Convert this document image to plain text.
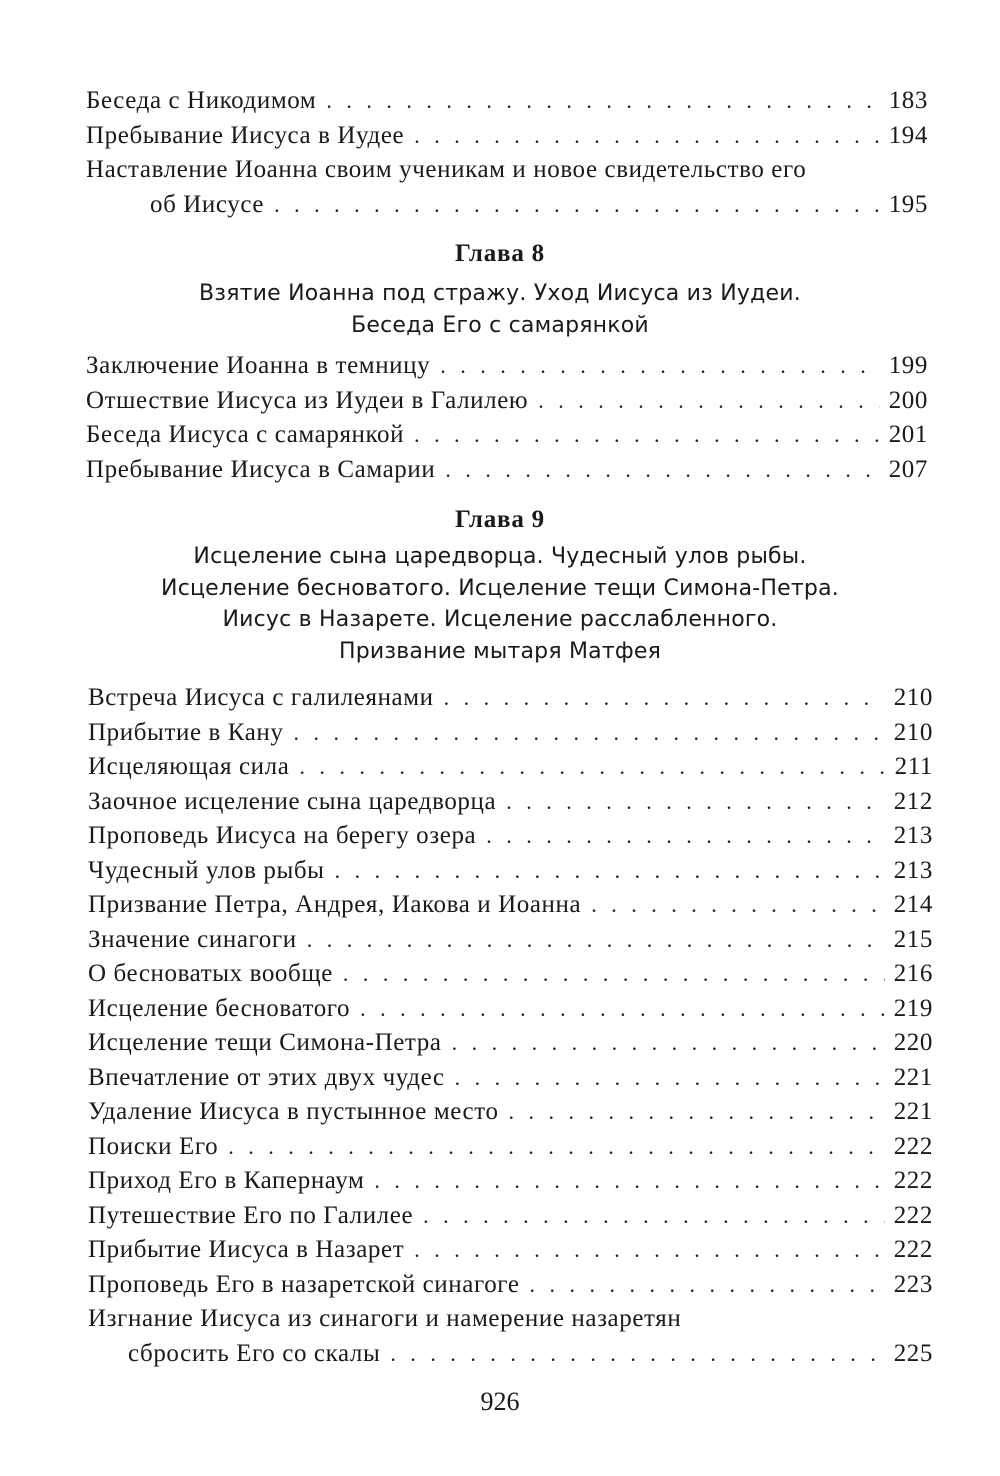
Беседа с Никодимом . . .	183
Пребывание Иисуса в Иудее . . .	194
Наставление Иоанна своим ученикам и новое свидетельство его
об Иисусе . . .	195
Глава 8
Взятие Иоанна под стражу. Уход Иисуса из Иудеи.
Беседа Его с самарянкой
Заключение Иоанна в темницу . . .	199
Отшествие Иисуса из Иудеи в Галилею . . .	200
Беседа Иисуса с самарянкой . . .	201
Пребывание Иисуса в Самарии . . .	207
Глава 9
Исцеление сына царедворца. Чудесный улов рыбы.
Исцеление бесноватого. Исцеление тещи Симона-Петра.
Иисус в Назарете. Исцеление расслабленного.
Призвание мытаря Матфея
Встреча Иисуса с галилеянами . . .	210
Прибытие в Кану . . .	210
Исцеляющая сила . . .	211
Заочное исцеление сына царедворца . . .	212
Проповедь Иисуса на берегу озера . . .	213
Чудесный улов рыбы . . .	213
Призвание Петра, Андрея, Иакова и Иоанна . . .	214
Значение синагоги . . .	215
О бесноватых вообще . . .	216
Исцеление бесноватого . . .	219
Исцеление тещи Симона-Петра . . .	220
Впечатление от этих двух чудес . . .	221
Удаление Иисуса в пустынное место . . .	221
Поиски Его . . .	222
Приход Его в Капернаум . . .	222
Путешествие Его по Галилее . . .	222
Прибытие Иисуса в Назарет . . .	222
Проповедь Его в назаретской синагоге . . .	223
Изгнание Иисуса из синагоги и намерение назаретян
сбросить Его со скалы . . .	225
926
